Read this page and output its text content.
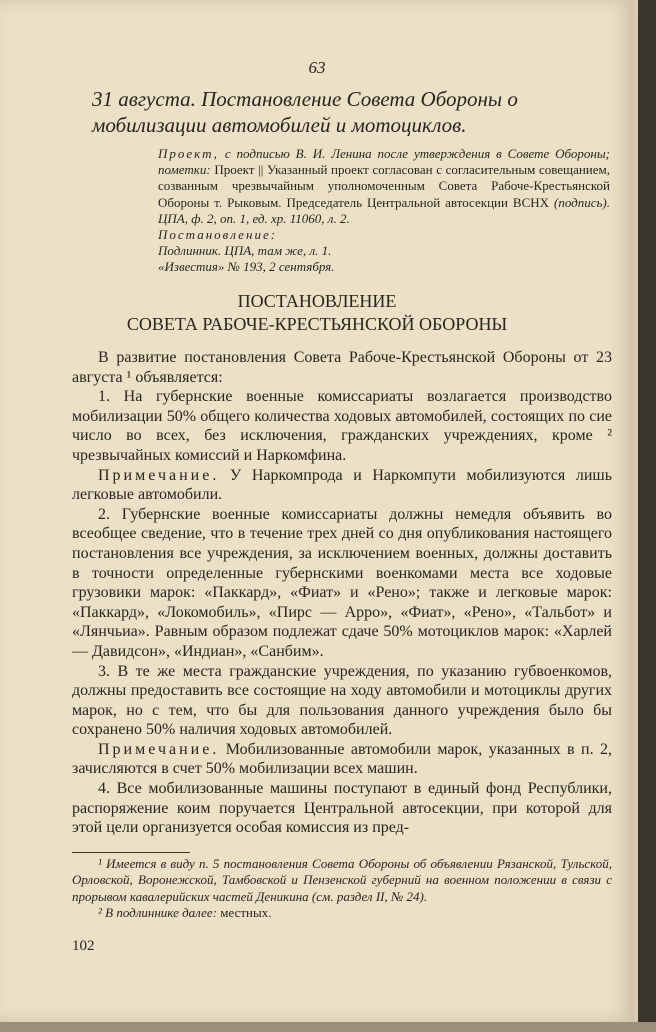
63
31 августа. Постановление Совета Обороны о мобилизации автомобилей и мотоциклов.
Проект, с подписью В. И. Ленина после утверждения в Совете Обороны; пометки: Проект || Указанный проект согласован с согласительным совещанием, созванным чрезвычайным уполномоченным Совета Рабоче-Крестьянской Обороны т. Рыковым. Председатель Центральной автосекции ВСНХ (подпись). ЦПА, ф. 2, оп. 1, ед. хр. 11060, л. 2.
Постановление:
Подлинник. ЦПА, там же, л. 1.
«Известия» № 193, 2 сентября.
ПОСТАНОВЛЕНИЕ
СОВЕТА РАБОЧЕ-КРЕСТЬЯНСКОЙ ОБОРОНЫ

В развитие постановления Совета Рабоче-Крестьянской Обороны от 23 августа ¹ объявляется:

1. На губернские военные комиссариаты возлагается производство мобилизации 50% общего количества ходовых автомобилей, состоящих по сие число во всех, без исключения, гражданских учреждениях, кроме ² чрезвычайных комиссий и Наркомфина.

Примечание. У Наркомпрода и Наркомпути мобилизуются лишь легковые автомобили.

2. Губернские военные комиссариаты должны немедля объявить во всеобщее сведение, что в течение трех дней со дня опубликования настоящего постановления все учреждения, за исключением военных, должны доставить в точности определенные губернскими военкомами места все ходовые грузовики марок: «Паккард», «Фиат» и «Рено»; также и легковые марок: «Паккард», «Локомобиль», «Пирс — Арро», «Фиат», «Рено», «Тальбот» и «Лянчьиа». Равным образом подлежат сдаче 50% мотоциклов марок: «Харлей — Давидсон», «Индиан», «Санбим».

3. В те же места гражданские учреждения, по указанию губвоенкомов, должны предоставить все состоящие на ходу автомобили и мотоциклы других марок, но с тем, что бы для пользования данного учреждения было бы сохранено 50% наличия ходовых автомобилей.

Примечание. Мобилизованные автомобили марок, указанных в п. 2, зачисляются в счет 50% мобилизации всех машин.

4. Все мобилизованные машины поступают в единый фонд Республики, распоряжение коим поручается Центральной автосекции, при которой для этой цели организуется особая комиссия из пред-

¹ Имеется в виду п. 5 постановления Совета Обороны об объявлении Рязанской, Тульской, Орловской, Воронежской, Тамбовской и Пензенской губерний на военном положении в связи с прорывом кавалерийских частей Деникина (см. раздел II, № 24).

² В подлиннике далее: местных.

102
